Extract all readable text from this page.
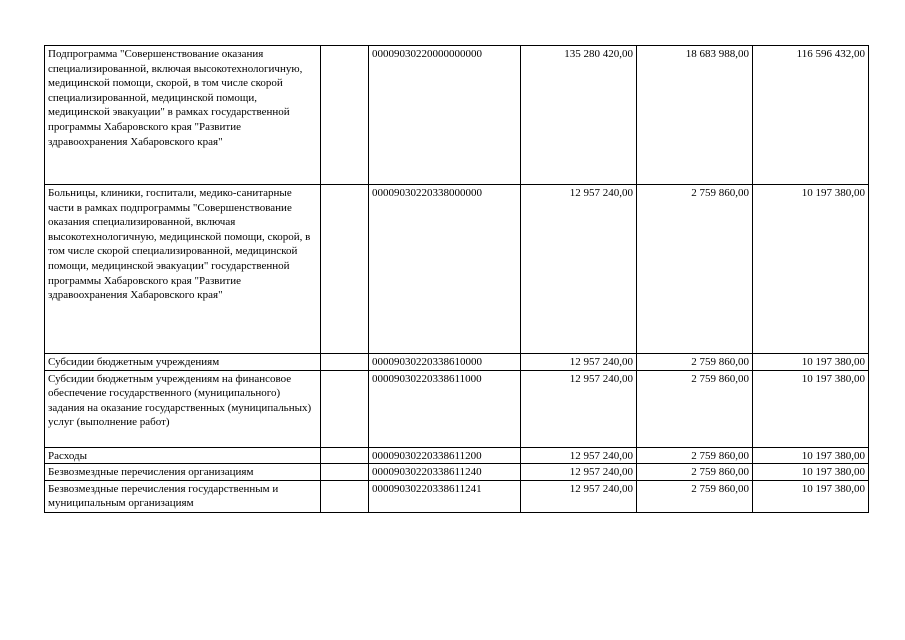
Подпрограмма "Совершенствование оказания специализированной, включая высокотехнологичную, медицинской помощи, скорой, в том числе скорой специализированной, медицинской помощи, медицинской эвакуации" в рамках государственной программы Хабаровского края "Развитие здравоохранения Хабаровского края"		00009030220000000000	135 280 420,00	18 683 988,00	116 596 432,00
Больницы, клиники, госпитали, медико-санитарные части в рамках подпрограммы "Совершенствование оказания специализированной, включая высокотехнологичную, медицинской помощи, скорой, в том числе скорой специализированной, медицинской помощи, медицинской эвакуации" государственной программы Хабаровского края "Развитие здравоохранения Хабаровского края"		00009030220338000000	12 957 240,00	2 759 860,00	10 197 380,00
Субсидии бюджетным учреждениям		00009030220338610000	12 957 240,00	2 759 860,00	10 197 380,00
Субсидии бюджетным учреждениям на финансовое обеспечение государственного (муниципального) задания на оказание государственных (муниципальных) услуг (выполнение работ)		00009030220338611000	12 957 240,00	2 759 860,00	10 197 380,00
Расходы		00009030220338611200	12 957 240,00	2 759 860,00	10 197 380,00
Безвозмездные перечисления организациям		00009030220338611240	12 957 240,00	2 759 860,00	10 197 380,00
Безвозмездные перечисления государственным и муниципальным организациям		00009030220338611241	12 957 240,00	2 759 860,00	10 197 380,00
